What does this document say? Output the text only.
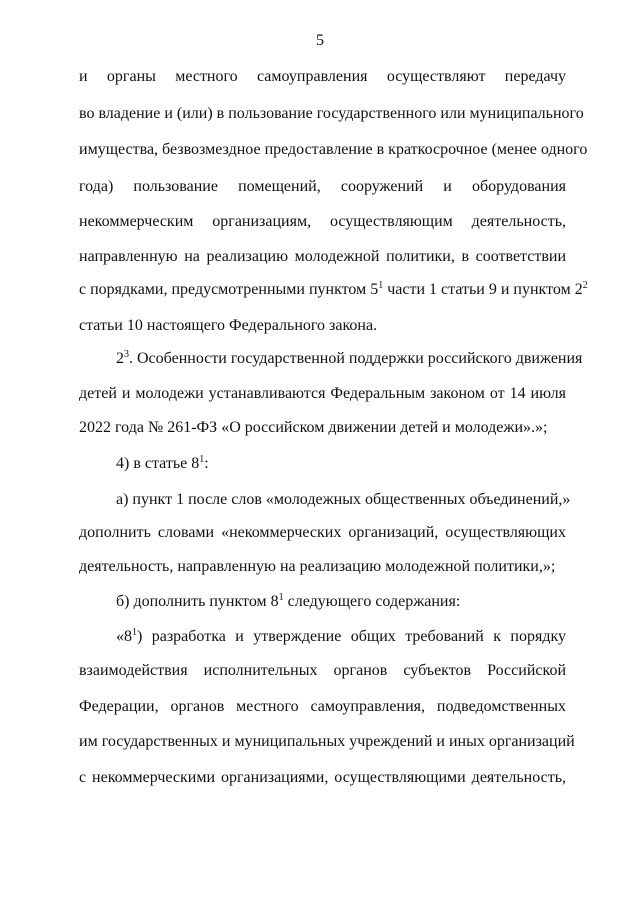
5
и органы местного самоуправления осуществляют передачу
во владение и (или) в пользование государственного или муниципального
имущества, безвозмездное предоставление в краткосрочное (менее одного
года) пользование помещений, сооружений и оборудования
некоммерческим организациям, осуществляющим деятельность,
направленную на реализацию молодежной политики, в соответствии
с порядками, предусмотренными пунктом $5^1$ части 1 статьи 9 и пунктом $2^2$
статьи 10 настоящего Федерального закона.
$2^3$. Особенности государственной поддержки российского движения
детей и молодежи устанавливаются Федеральным законом от 14 июля
2022 года № 261-ФЗ «О российском движении детей и молодежи».»;
4) в статье $8^1$:
а) пункт 1 после слов «молодежных общественных объединений,»
дополнить словами «некоммерческих организаций, осуществляющих
деятельность, направленную на реализацию молодежной политики,»;
б) дополнить пунктом $8^1$ следующего содержания:
«$8^1$) разработка и утверждение общих требований к порядку
взаимодействия исполнительных органов субъектов Российской
Федерации, органов местного самоуправления, подведомственных
им государственных и муниципальных учреждений и иных организаций
с некоммерческими организациями, осуществляющими деятельность,
